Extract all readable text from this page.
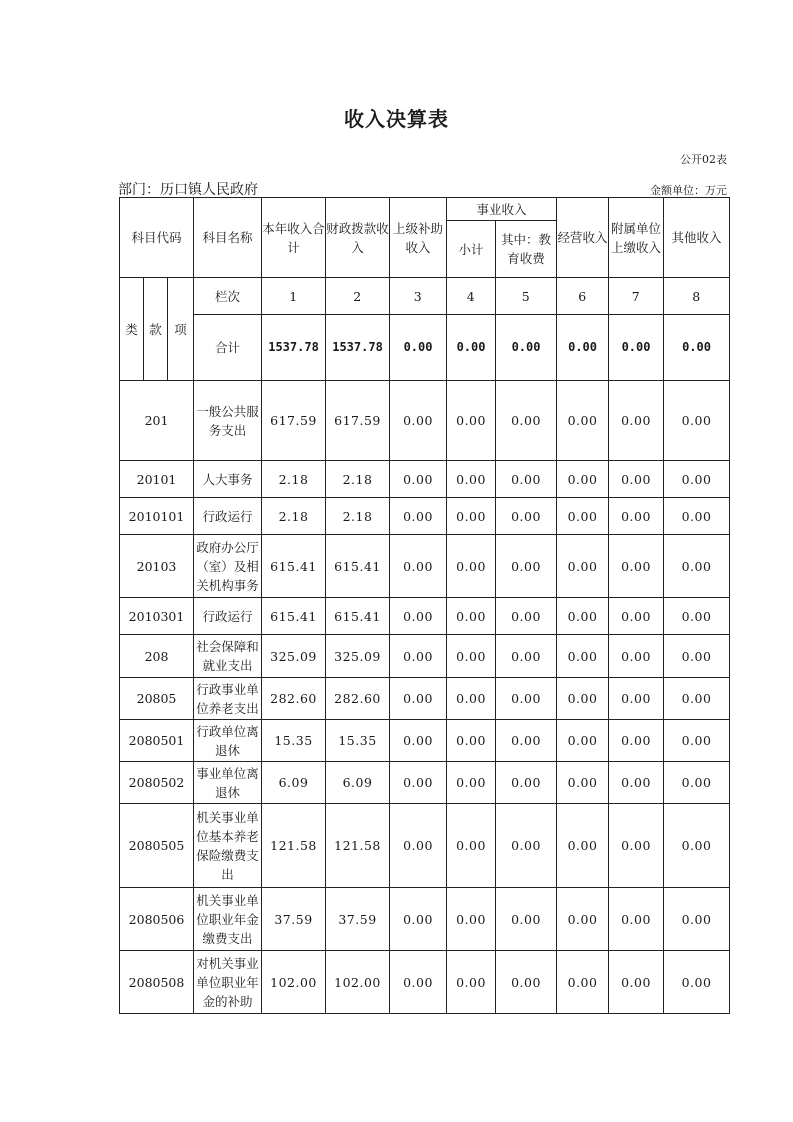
收入决算表
公开02表
部门：历口镇人民政府	金额单位：万元
科目代码			科目名称	本年收入合计	财政拨款收入	上级补助收入	事业收入		经营收入	附属单位上缴收入	其他收入
							小计	其中：教育收费			
类	款	项	栏次	1	2	3	4	5	6	7	8
			合计	1537.78	1537.78	0.00	0.00	0.00	0.00	0.00	0.00
201			一般公共服务支出	617.59	617.59	0.00	0.00	0.00	0.00	0.00	0.00
20101			人大事务	2.18	2.18	0.00	0.00	0.00	0.00	0.00	0.00
2010101			行政运行	2.18	2.18	0.00	0.00	0.00	0.00	0.00	0.00
20103			政府办公厅（室）及相关机构事务	615.41	615.41	0.00	0.00	0.00	0.00	0.00	0.00
2010301			行政运行	615.41	615.41	0.00	0.00	0.00	0.00	0.00	0.00
208			社会保障和就业支出	325.09	325.09	0.00	0.00	0.00	0.00	0.00	0.00
20805			行政事业单位养老支出	282.60	282.60	0.00	0.00	0.00	0.00	0.00	0.00
2080501			行政单位离退休	15.35	15.35	0.00	0.00	0.00	0.00	0.00	0.00
2080502			事业单位离退休	6.09	6.09	0.00	0.00	0.00	0.00	0.00	0.00
2080505			机关事业单位基本养老保险缴费支出	121.58	121.58	0.00	0.00	0.00	0.00	0.00	0.00
2080506			机关事业单位职业年金缴费支出	37.59	37.59	0.00	0.00	0.00	0.00	0.00	0.00
2080508			对机关事业单位职业年金的补助	102.00	102.00	0.00	0.00	0.00	0.00	0.00	0.00
